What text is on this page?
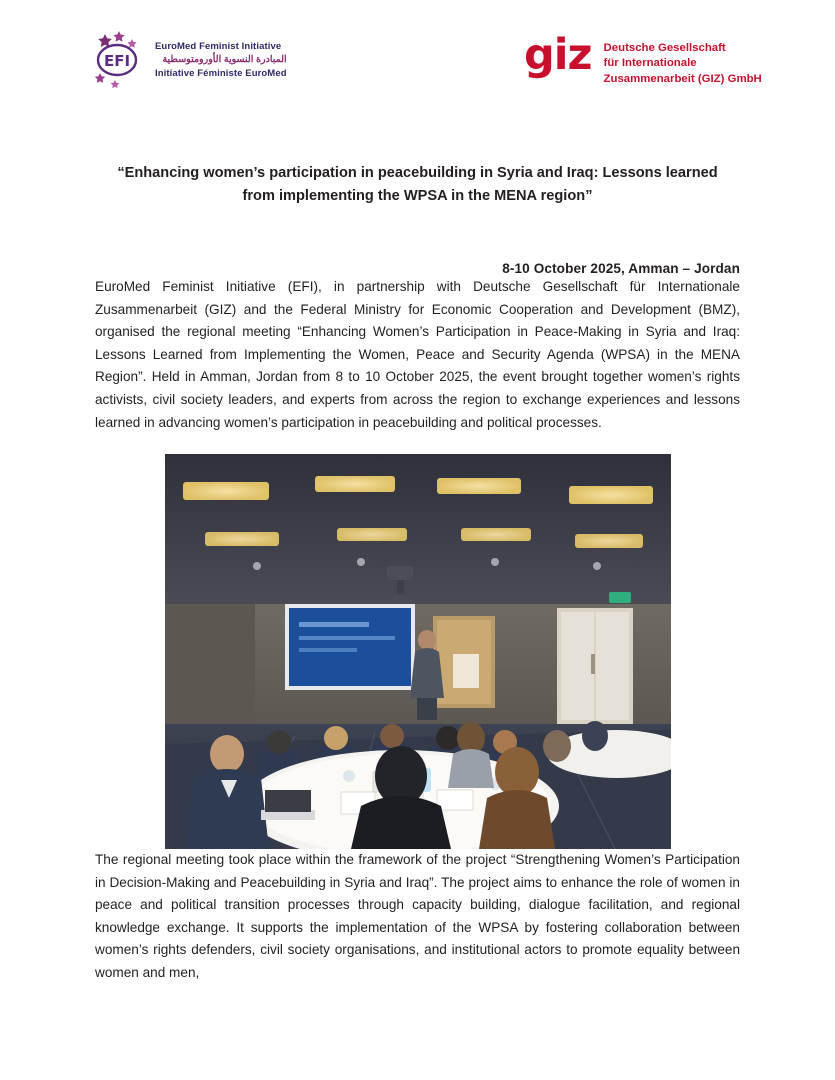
EFI
EuroMed Feminist Initiative
المبادرة النسوية الأورومتوسطية
Initiative Féministe EuroMed	giz Deutsche Gesellschaft
für Internationale
Zusammenarbeit (GIZ) GmbH
“Enhancing women’s participation in peacebuilding in Syria and Iraq: Lessons learned
from implementing the WPSA in the MENA region”
8-10 October 2025, Amman – Jordan

EuroMed Feminist Initiative (EFI), in partnership with Deutsche Gesellschaft für Internationale Zusammenarbeit (GIZ) and the Federal Ministry for Economic Cooperation and Development (BMZ), organised the regional meeting “Enhancing Women’s Participation in Peace-Making in Syria and Iraq: Lessons Learned from Implementing the Women, Peace and Security Agenda (WPSA) in the MENA Region”. Held in Amman, Jordan from 8 to 10 October 2025, the event brought together women’s rights activists, civil society leaders, and experts from across the region to exchange experiences and lessons learned in advancing women’s participation in peacebuilding and political processes.

The regional meeting took place within the framework of the project “Strengthening Women’s Participation in Decision-Making and Peacebuilding in Syria and Iraq”. The project aims to enhance the role of women in peace and political transition processes through capacity building, dialogue facilitation, and regional knowledge exchange. It supports the implementation of the WPSA by fostering collaboration between women’s rights defenders, civil society organisations, and institutional actors to promote equality between women and men,
